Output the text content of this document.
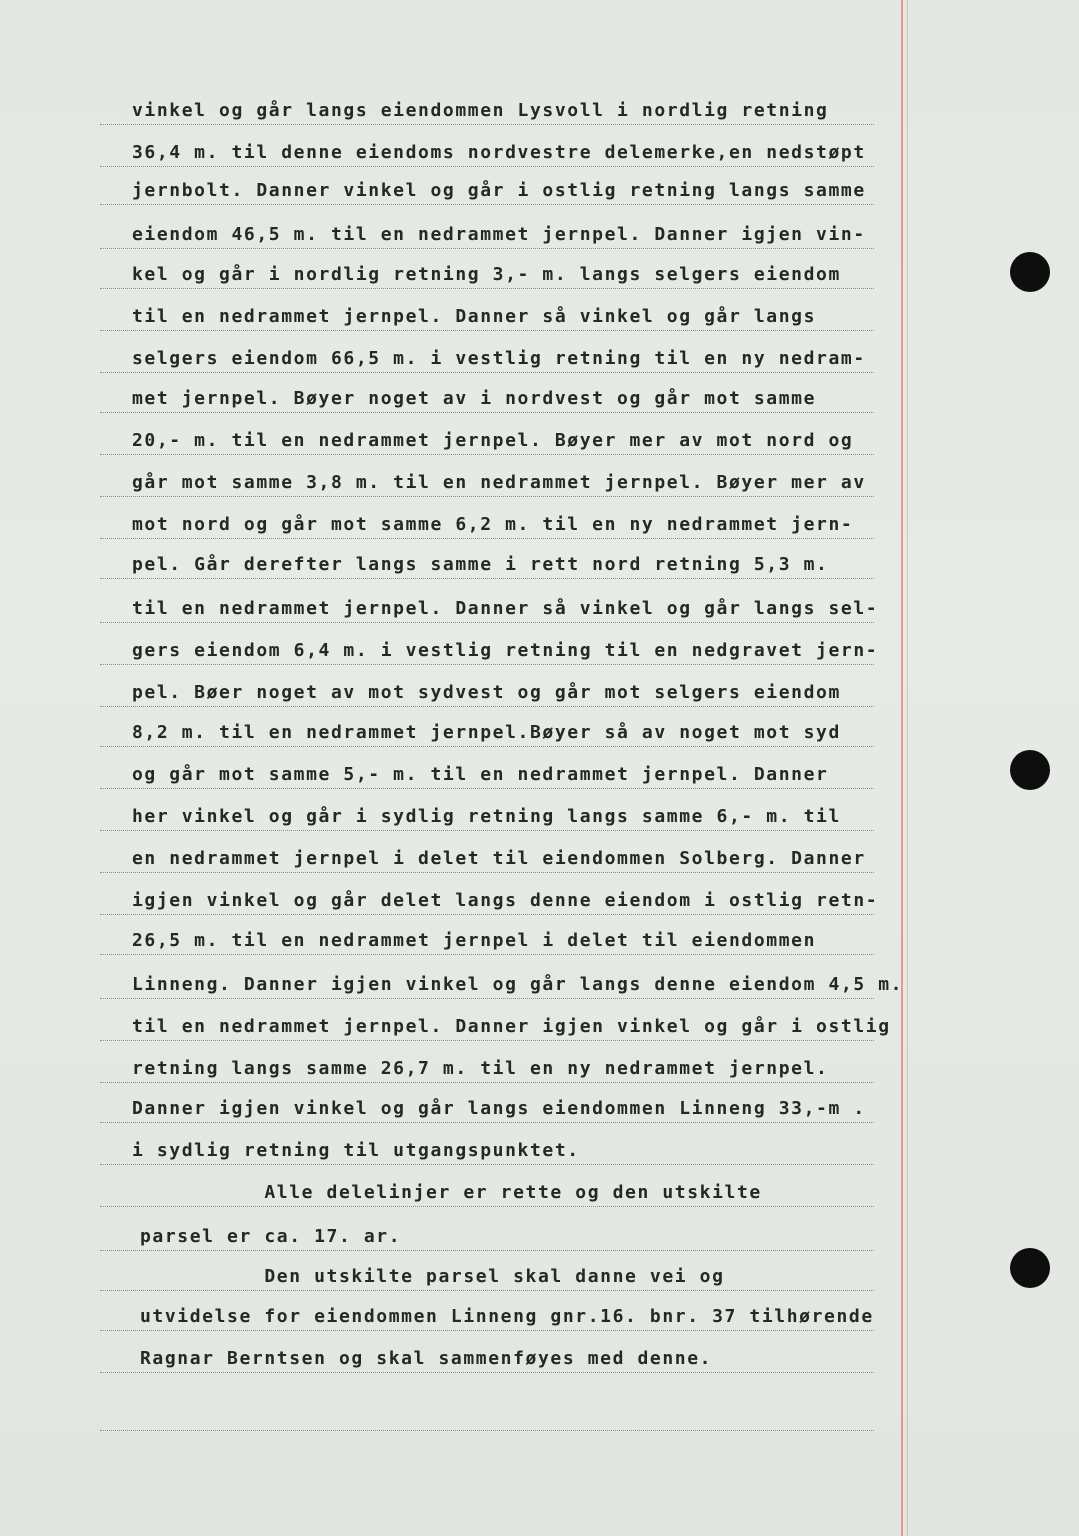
vinkel og går langs eiendommen Lysvoll i nordlig retning
36,4 m. til denne eiendoms nordvestre delemerke,en nedstøpt
jernbolt. Danner vinkel og går i ostlig retning langs samme
eiendom 46,5 m. til en nedrammet jernpel. Danner igjen vin-
kel og går i nordlig retning 3,- m. langs selgers eiendom
til en nedrammet jernpel. Danner så vinkel og går langs
selgers eiendom 66,5 m. i vestlig retning til en ny nedram-
met jernpel. Bøyer noget av i nordvest og går mot samme
20,- m. til en nedrammet jernpel. Bøyer mer av mot nord og
går mot samme 3,8 m. til en nedrammet jernpel. Bøyer mer av
mot nord og går mot samme 6,2 m. til en ny nedrammet jern-
pel. Går derefter langs samme i rett nord retning 5,3 m.
til en nedrammet jernpel. Danner så vinkel og går langs sel-
gers eiendom 6,4 m. i vestlig retning til en nedgravet jern-
pel. Bøer noget av mot sydvest og går mot selgers eiendom
8,2 m. til en nedrammet jernpel.Bøyer så av noget mot syd
og går mot samme 5,- m. til en nedrammet jernpel. Danner
her vinkel og går i sydlig retning langs samme 6,- m. til
en nedrammet jernpel i delet til eiendommen Solberg. Danner
igjen vinkel og går delet langs denne eiendom i ostlig retn-
26,5 m. til en nedrammet jernpel i delet til eiendommen
Linneng. Danner igjen vinkel og går langs denne eiendom 4,5 m.
til en nedrammet jernpel. Danner igjen vinkel og går i ostlig
retning langs samme 26,7 m. til en ny nedrammet jernpel.
Danner igjen vinkel og går langs eiendommen Linneng 33,-m .
i sydlig retning til utgangspunktet.
Alle delelinjer er rette og den utskilte
parsel er ca. 17. ar.
Den utskilte parsel skal danne vei og
utvidelse for eiendommen Linneng gnr.16. bnr. 37 tilhørende
Ragnar Berntsen og skal sammenføyes med denne.
